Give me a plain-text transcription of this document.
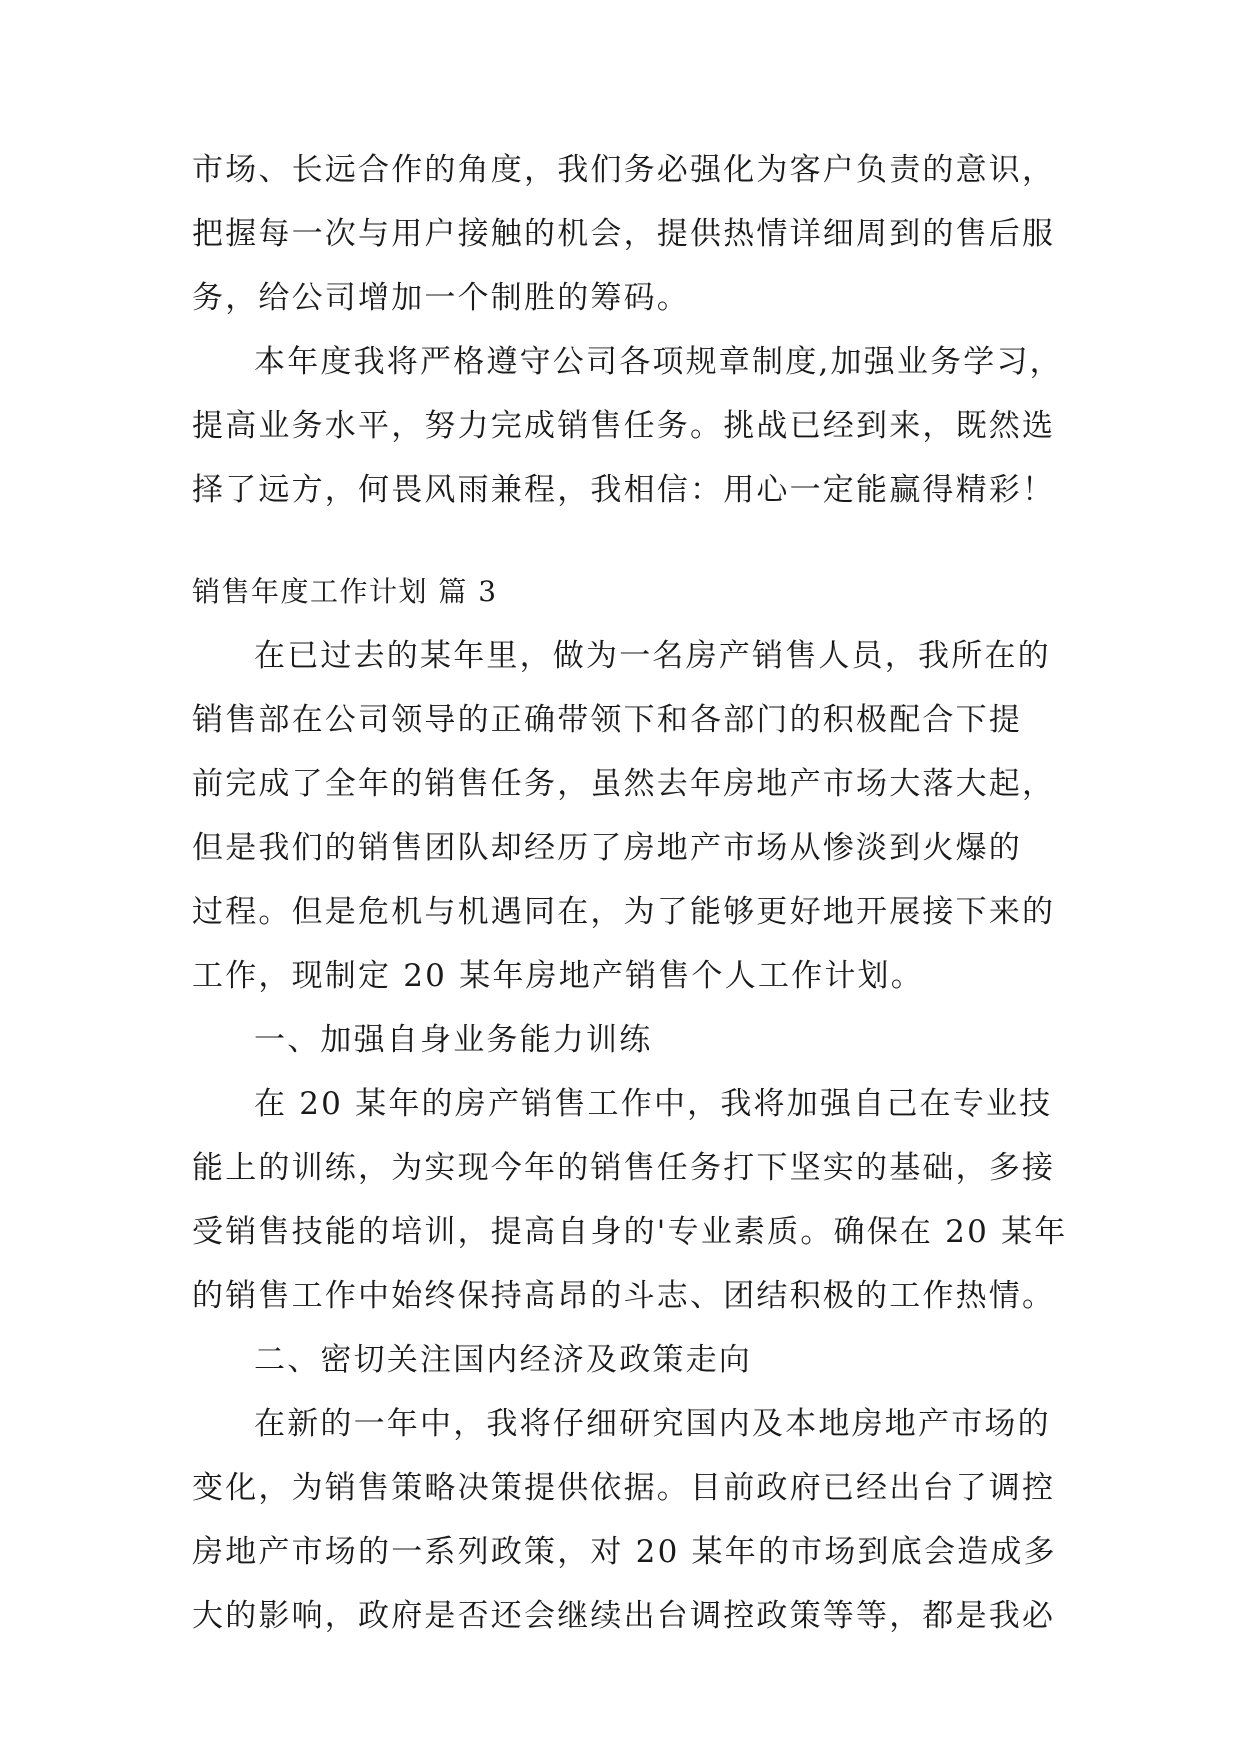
市场、长远合作的角度，我们务必强化为客户负责的意识，
把握每一次与用户接触的机会，提供热情详细周到的售后服
务，给公司增加一个制胜的筹码。
本年度我将严格遵守公司各项规章制度,加强业务学习，
提高业务水平，努力完成销售任务。挑战已经到来，既然选
择了远方，何畏风雨兼程，我相信：用心一定能赢得精彩！
销售年度工作计划 篇 3
在已过去的某年里，做为一名房产销售人员，我所在的
销售部在公司领导的正确带领下和各部门的积极配合下提
前完成了全年的销售任务，虽然去年房地产市场大落大起，
但是我们的销售团队却经历了房地产市场从惨淡到火爆的
过程。但是危机与机遇同在，为了能够更好地开展接下来的
工作，现制定 20 某年房地产销售个人工作计划。
一、加强自身业务能力训练
在 20 某年的房产销售工作中，我将加强自己在专业技
能上的训练，为实现今年的销售任务打下坚实的基础，多接
受销售技能的培训，提高自身的'专业素质。确保在 20 某年
的销售工作中始终保持高昂的斗志、团结积极的工作热情。
二、密切关注国内经济及政策走向
在新的一年中，我将仔细研究国内及本地房地产市场的
变化，为销售策略决策提供依据。目前政府已经出台了调控
房地产市场的一系列政策，对 20 某年的市场到底会造成多
大的影响，政府是否还会继续出台调控政策等等，都是我必
